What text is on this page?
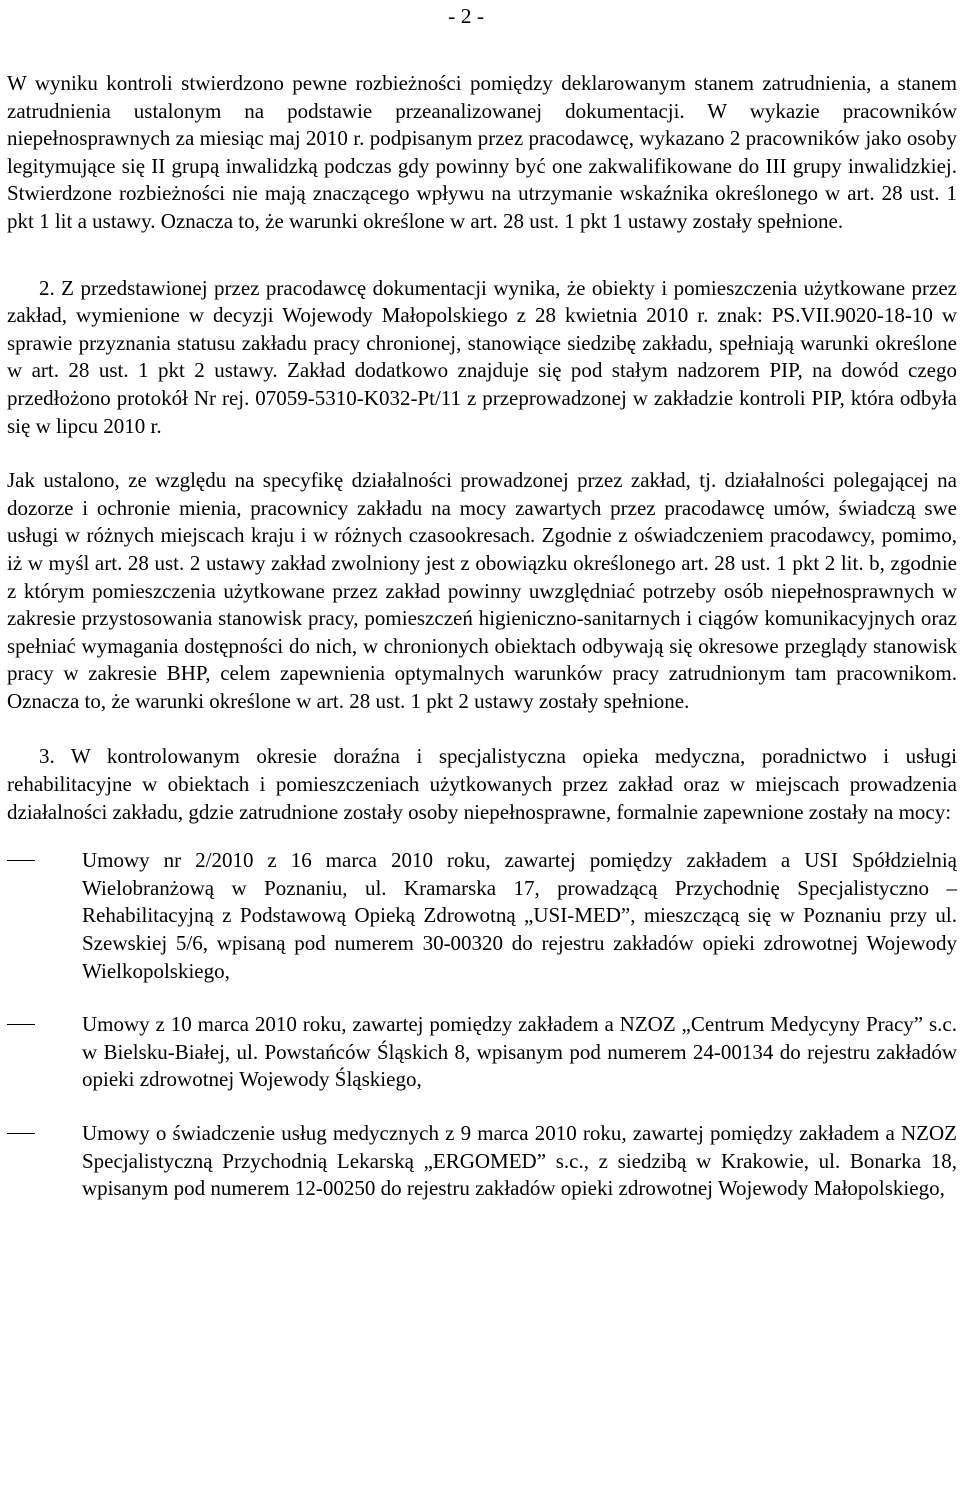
- 2 -

W wyniku kontroli stwierdzono pewne rozbieżności pomiędzy deklarowanym stanem zatrudnienia, a stanem zatrudnienia ustalonym na podstawie przeanalizowanej dokumentacji. W wykazie pracowników niepełnosprawnych za miesiąc maj 2010 r. podpisanym przez pracodawcę, wykazano 2 pracowników jako osoby legitymujące się II grupą inwalidzką podczas gdy powinny być one zakwalifikowane do III grupy inwalidzkiej. Stwierdzone rozbieżności nie mają znaczącego wpływu na utrzymanie wskaźnika określonego w art. 28 ust. 1 pkt 1 lit a ustawy. Oznacza to, że warunki określone w art. 28 ust. 1 pkt 1 ustawy zostały spełnione.

2. Z przedstawionej przez pracodawcę dokumentacji wynika, że obiekty i pomieszczenia użytkowane przez zakład, wymienione w decyzji Wojewody Małopolskiego z 28 kwietnia 2010 r. znak: PS.VII.9020-18-10 w sprawie przyznania statusu zakładu pracy chronionej, stanowiące siedzibę zakładu, spełniają warunki określone w art. 28 ust. 1 pkt 2 ustawy. Zakład dodatkowo znajduje się pod stałym nadzorem PIP, na dowód czego przedłożono protokół Nr rej. 07059-5310-K032-Pt/11 z przeprowadzonej w zakładzie kontroli PIP, która odbyła się w lipcu 2010 r.

Jak ustalono, ze względu na specyfikę działalności prowadzonej przez zakład, tj. działalności polegającej na dozorze i ochronie mienia, pracownicy zakładu na mocy zawartych przez pracodawcę umów, świadczą swe usługi w różnych miejscach kraju i w różnych czasookresach. Zgodnie z oświadczeniem pracodawcy, pomimo, iż w myśl art. 28 ust. 2 ustawy zakład zwolniony jest z obowiązku określonego art. 28 ust. 1 pkt 2 lit. b, zgodnie z którym pomieszczenia użytkowane przez zakład powinny uwzględniać potrzeby osób niepełnosprawnych w zakresie przystosowania stanowisk pracy, pomieszczeń higieniczno-sanitarnych i ciągów komunikacyjnych oraz spełniać wymagania dostępności do nich, w chronionych obiektach odbywają się okresowe przeglądy stanowisk pracy w zakresie BHP, celem zapewnienia optymalnych warunków pracy zatrudnionym tam pracownikom. Oznacza to, że warunki określone w art. 28 ust. 1 pkt 2 ustawy zostały spełnione.

3. W kontrolowanym okresie doraźna i specjalistyczna opieka medyczna, poradnictwo i usługi rehabilitacyjne w obiektach i pomieszczeniach użytkowanych przez zakład oraz w miejscach prowadzenia działalności zakładu, gdzie zatrudnione zostały osoby niepełnosprawne, formalnie zapewnione zostały na mocy:

Umowy nr 2/2010 z 16 marca 2010 roku, zawartej pomiędzy zakładem a USI Spółdzielnią Wielobranżową w Poznaniu, ul. Kramarska 17, prowadzącą Przychodnię Specjalistyczno – Rehabilitacyjną z Podstawową Opieką Zdrowotną „USI-MED”, mieszczącą się w Poznaniu przy ul. Szewskiej 5/6, wpisaną pod numerem 30-00320 do rejestru zakładów opieki zdrowotnej Wojewody Wielkopolskiego,
Umowy z 10 marca 2010 roku, zawartej pomiędzy zakładem a NZOZ „Centrum Medycyny Pracy” s.c. w Bielsku-Białej, ul. Powstańców Śląskich 8, wpisanym pod numerem 24-00134 do rejestru zakładów opieki zdrowotnej Wojewody Śląskiego,
Umowy o świadczenie usług medycznych z 9 marca 2010 roku, zawartej pomiędzy zakładem a NZOZ Specjalistyczną Przychodnią Lekarską „ERGOMED” s.c., z siedzibą w Krakowie, ul. Bonarka 18, wpisanym pod numerem 12-00250 do rejestru zakładów opieki zdrowotnej Wojewody Małopolskiego,
